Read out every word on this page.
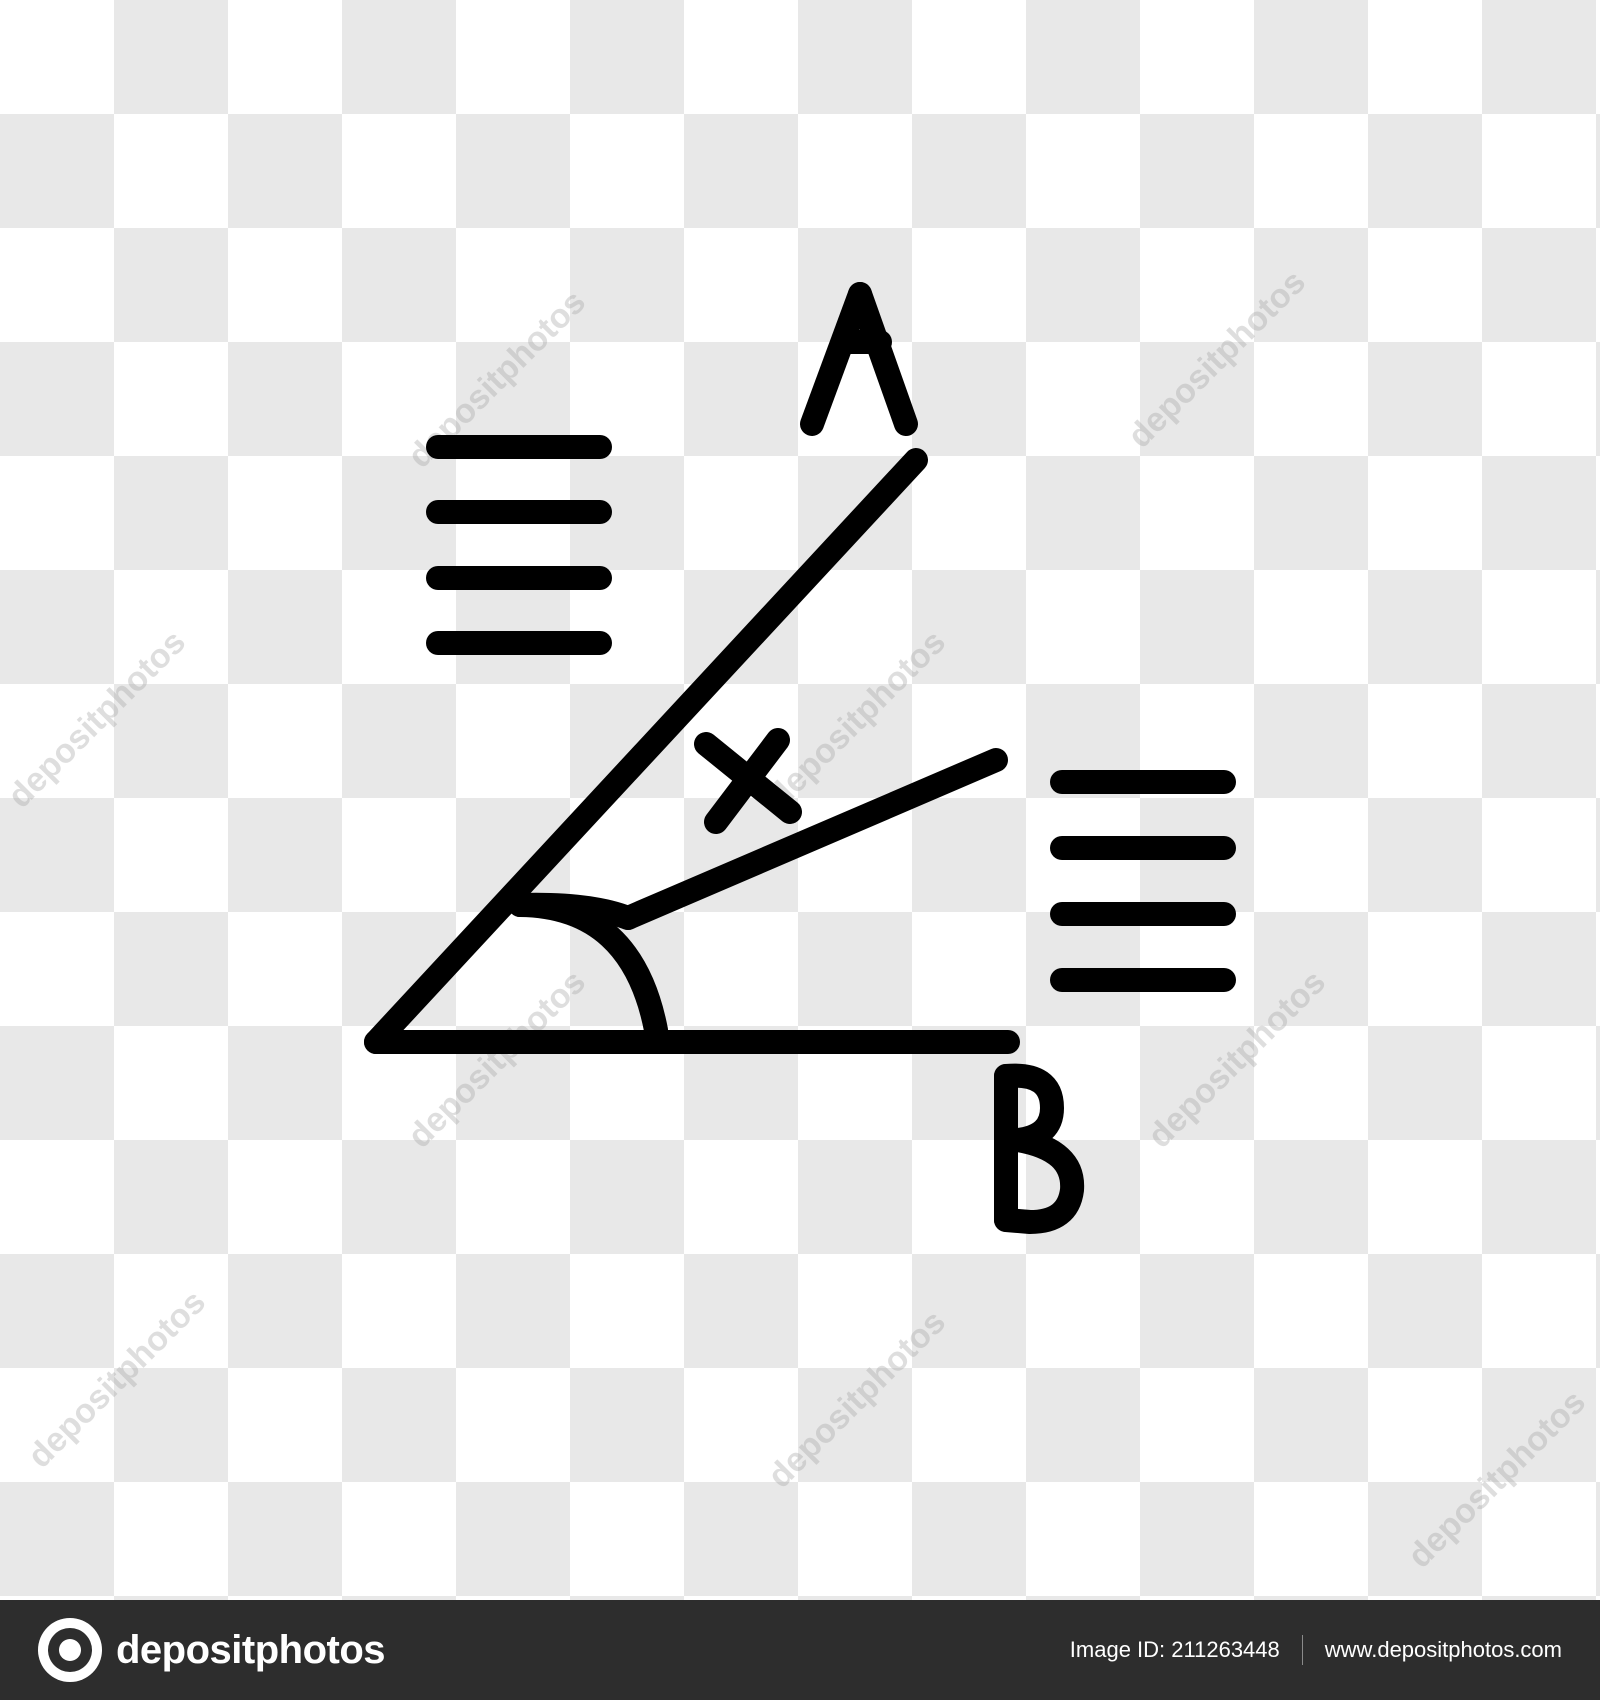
depositphotos	depositphotos
depositphotos	depositphotos
depositphotos	depositphotos
depositphotos	depositphotos	depositphotos
A
B
x
depositphotos	Image ID: 211263448 www.depositphotos.com
